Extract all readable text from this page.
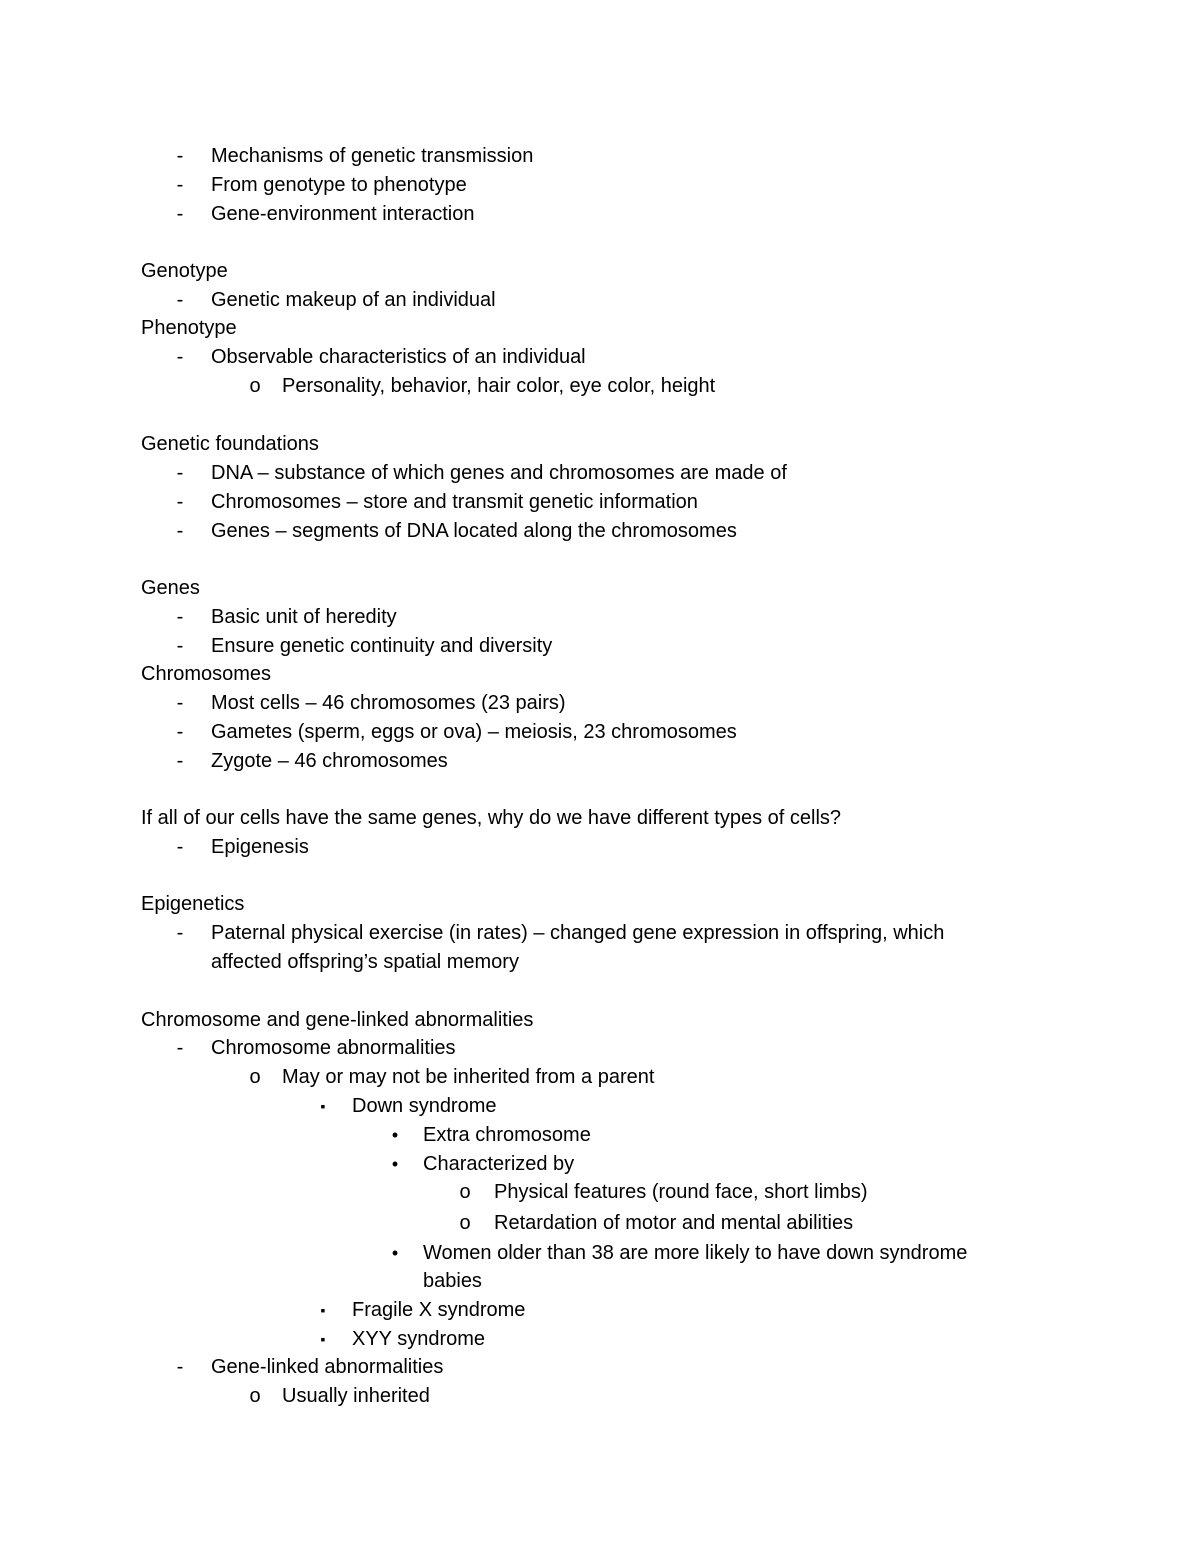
-	Mechanisms of genetic transmission
-	From genotype to phenotype
-	Gene-environment interaction
Genotype
-	Genetic makeup of an individual
Phenotype
-	Observable characteristics of an individual
o Personality, behavior, hair color, eye color, height
Genetic foundations
-	DNA – substance of which genes and chromosomes are made of
-	Chromosomes – store and transmit genetic information
-	Genes – segments of DNA located along the chromosomes
Genes
-	Basic unit of heredity
-	Ensure genetic continuity and diversity
Chromosomes
-	Most cells – 46 chromosomes (23 pairs)
-	Gametes (sperm, eggs or ova) – meiosis, 23 chromosomes
-	Zygote – 46 chromosomes
If all of our cells have the same genes, why do we have different types of cells?
-	Epigenesis
Epigenetics
-	Paternal physical exercise (in rates) – changed gene expression in offspring, which
affected offspring’s spatial memory
Chromosome and gene-linked abnormalities
-	Chromosome abnormalities
o May or may not be inherited from a parent
▪	Down syndrome
•	Extra chromosome
•	Characterized by
o Physical features (round face, short limbs)
o Retardation of motor and mental abilities
•	Women older than 38 are more likely to have down syndrome
babies
▪	Fragile X syndrome
▪	XYY syndrome
-	Gene-linked abnormalities
o Usually inherited
